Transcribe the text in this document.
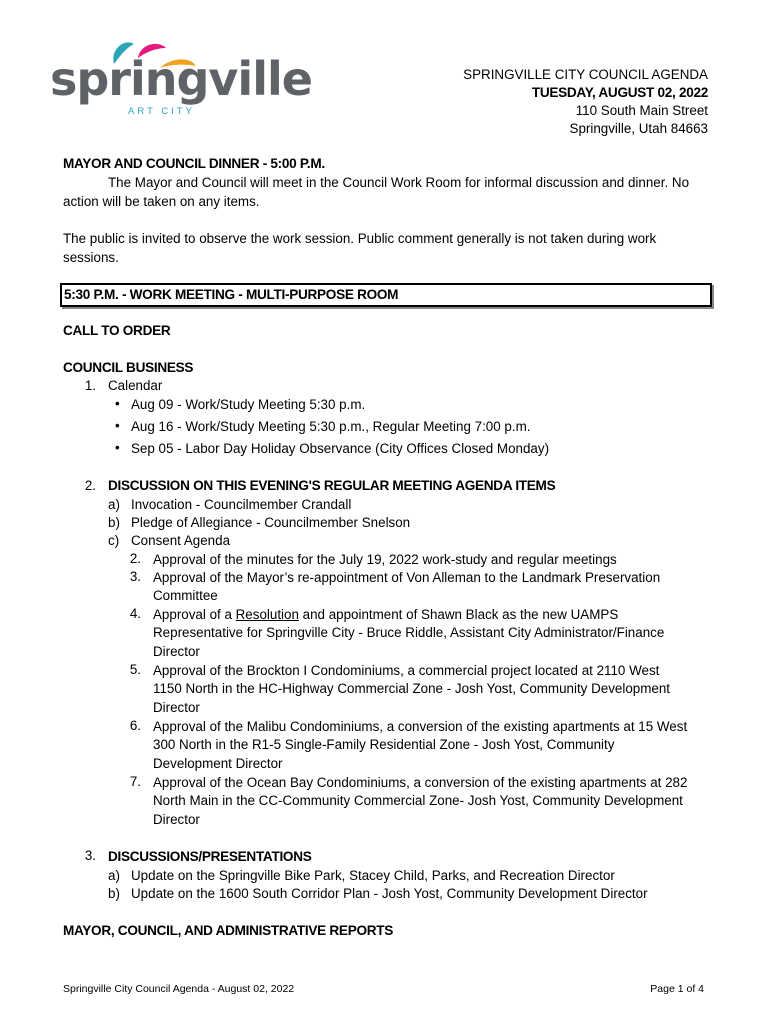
springville
ART CITY
SPRINGVILLE CITY COUNCIL AGENDA
TUESDAY, AUGUST 02, 2022
110 South Main Street
Springville, Utah 84663
MAYOR AND COUNCIL DINNER - 5:00 P.M.
The Mayor and Council will meet in the Council Work Room for informal discussion and dinner. No
action will be taken on any items.
The public is invited to observe the work session. Public comment generally is not taken during work
sessions.
5:30 P.M. - WORK MEETING - MULTI-PURPOSE ROOM
CALL TO ORDER
COUNCIL BUSINESS
1. Calendar
• Aug 09 - Work/Study Meeting 5:30 p.m.
• Aug 16 - Work/Study Meeting 5:30 p.m., Regular Meeting 7:00 p.m.
• Sep 05 - Labor Day Holiday Observance (City Offices Closed Monday)
2. DISCUSSION ON THIS EVENING'S REGULAR MEETING AGENDA ITEMS
a) Invocation - Councilmember Crandall
b) Pledge of Allegiance - Councilmember Snelson
c) Consent Agenda
2. Approval of the minutes for the July 19, 2022 work-study and regular meetings
3. Approval of the Mayor’s re-appointment of Von Alleman to the Landmark Preservation
Committee
4. Approval of a Resolution and appointment of Shawn Black as the new UAMPS
Representative for Springville City - Bruce Riddle, Assistant City Administrator/Finance
Director
5. Approval of the Brockton I Condominiums, a commercial project located at 2110 West
1150 North in the HC-Highway Commercial Zone - Josh Yost, Community Development
Director
6. Approval of the Malibu Condominiums, a conversion of the existing apartments at 15 West
300 North in the R1-5 Single-Family Residential Zone - Josh Yost, Community
Development Director
7. Approval of the Ocean Bay Condominiums, a conversion of the existing apartments at 282
North Main in the CC-Community Commercial Zone- Josh Yost, Community Development
Director
3. DISCUSSIONS/PRESENTATIONS
a) Update on the Springville Bike Park, Stacey Child, Parks, and Recreation Director
b) Update on the 1600 South Corridor Plan - Josh Yost, Community Development Director
MAYOR, COUNCIL, AND ADMINISTRATIVE REPORTS
Springville City Council Agenda - August 02, 2022	Page 1 of 4
